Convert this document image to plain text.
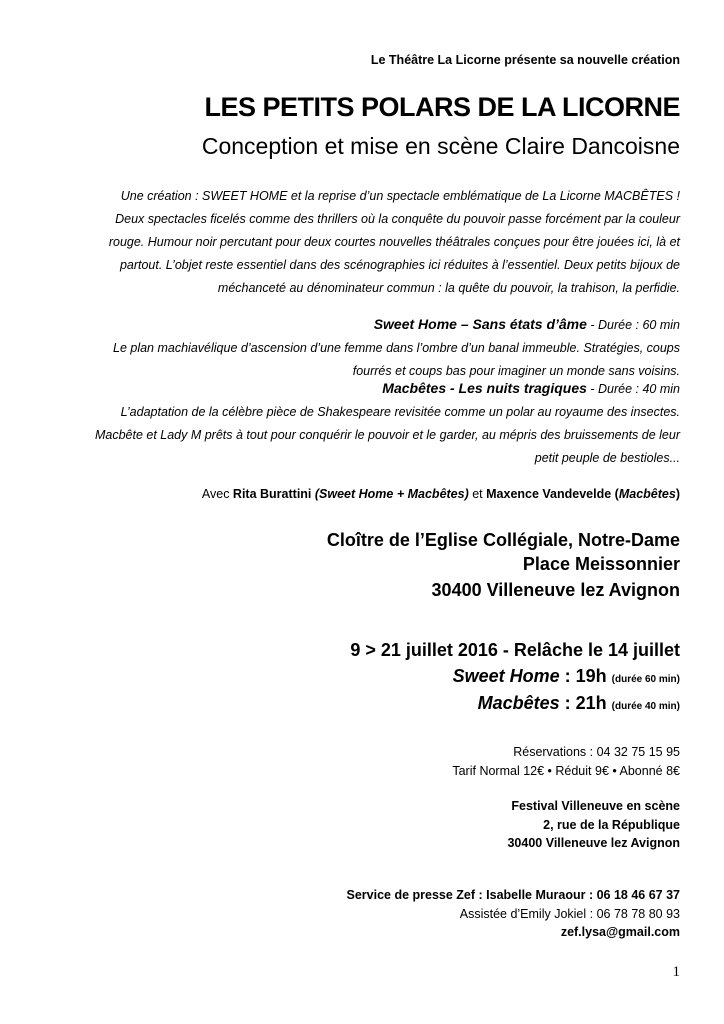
Le Théâtre La Licorne présente sa nouvelle création
LES PETITS POLARS DE LA LICORNE
Conception et mise en scène Claire Dancoisne
Une création : SWEET HOME et la reprise d’un spectacle emblématique de La Licorne MACBÊTES !
Deux spectacles ficelés comme des thrillers où la conquête du pouvoir passe forcément par la couleur
rouge. Humour noir percutant pour deux courtes nouvelles théâtrales conçues pour être jouées ici, là et
partout. L’objet reste essentiel dans des scénographies ici réduites à l’essentiel. Deux petits bijoux de
méchanceté au dénominateur commun : la quête du pouvoir, la trahison, la perfidie.
Sweet Home – Sans états d’âme - Durée : 60 min
Le plan machiavélique d’ascension d’une femme dans l’ombre d’un banal immeuble. Stratégies, coups
fourrés et coups bas pour imaginer un monde sans voisins.
Macbêtes - Les nuits tragiques - Durée : 40 min
L’adaptation de la célèbre pièce de Shakespeare revisitée comme un polar au royaume des insectes.
Macbête et Lady M prêts à tout pour conquérir le pouvoir et le garder, au mépris des bruissements de leur
petit peuple de bestioles...
Avec Rita Burattini (Sweet Home + Macbêtes) et Maxence Vandevelde (Macbêtes)
Cloître de l’Eglise Collégiale, Notre-Dame
Place Meissonnier
30400 Villeneuve lez Avignon
9 > 21 juillet 2016 - Relâche le 14 juillet
Sweet Home : 19h (durée 60 min)
Macbêtes : 21h (durée 40 min)
Réservations : 04 32 75 15 95
Tarif Normal 12€ • Réduit 9€ • Abonné 8€
Festival Villeneuve en scène
2, rue de la République
30400 Villeneuve lez Avignon
Service de presse Zef : Isabelle Muraour : 06 18 46 67 37
Assistée d’Emily Jokiel : 06 78 78 80 93
zef.lysa@gmail.com
1
